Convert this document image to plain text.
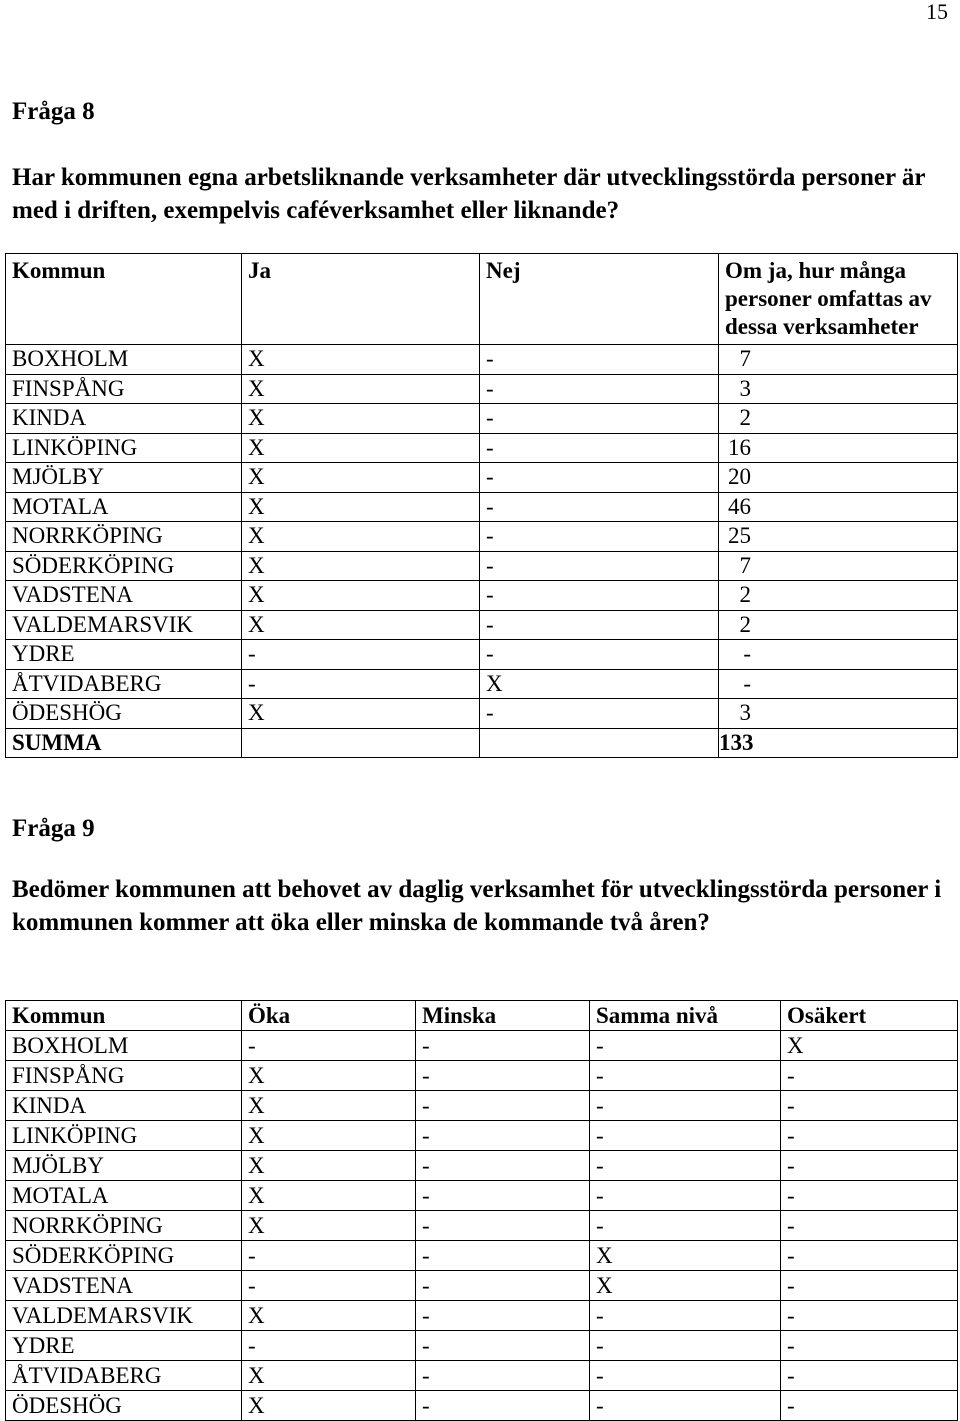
15
Fråga 8
Har kommunen egna arbetsliknande verksamheter där utvecklingsstörda personer är med i driften, exempelvis caféverksamhet eller liknande?
Kommun	Ja	Nej	Om ja, hur många personer omfattas av dessa verksamheter
BOXHOLM	X	-	7
FINSPÅNG	X	-	3
KINDA	X	-	2
LINKÖPING	X	-	16
MJÖLBY	X	-	20
MOTALA	X	-	46
NORRKÖPING	X	-	25
SÖDERKÖPING	X	-	7
VADSTENA	X	-	2
VALDEMARSVIK	X	-	2
YDRE	-	-	-
ÅTVIDABERG	-	X	-
ÖDESHÖG	X	-	3
SUMMA			133
Fråga 9
Bedömer kommunen att behovet av daglig verksamhet för utvecklingsstörda personer i kommunen kommer att öka eller minska de kommande två åren?
Kommun	Öka	Minska	Samma nivå	Osäkert
BOXHOLM	-	-	-	X
FINSPÅNG	X	-	-	-
KINDA	X	-	-	-
LINKÖPING	X	-	-	-
MJÖLBY	X	-	-	-
MOTALA	X	-	-	-
NORRKÖPING	X	-	-	-
SÖDERKÖPING	-	-	X	-
VADSTENA	-	-	X	-
VALDEMARSVIK	X	-	-	-
YDRE	-	-	-	-
ÅTVIDABERG	X	-	-	-
ÖDESHÖG	X	-	-	-
